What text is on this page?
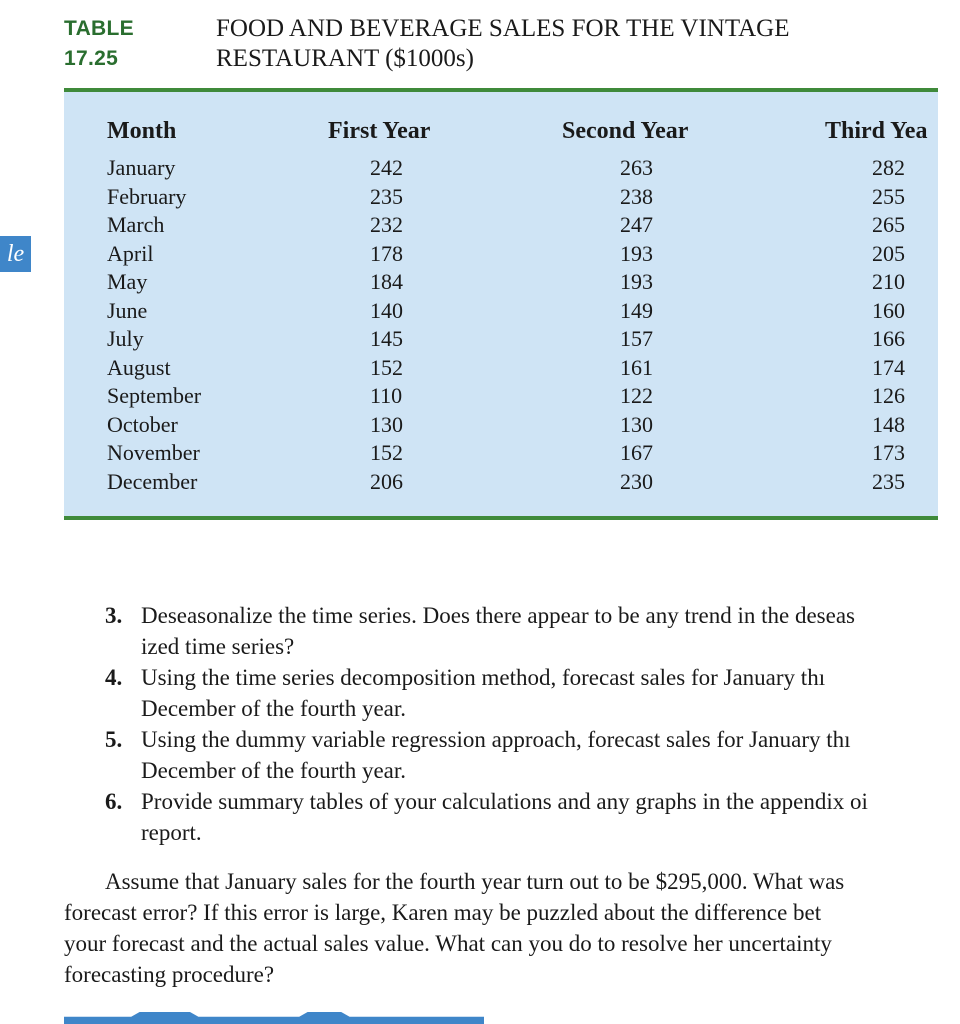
TABLE 17.25
FOOD AND BEVERAGE SALES FOR THE VINTAGE
RESTAURANT ($1000s)
le
Month	First Year	Second Year	Third Yea
January	242	263	282
February	235	238	255
March	232	247	265
April	178	193	205
May	184	193	210
June	140	149	160
July	145	157	166
August	152	161	174
September	110	122	126
October	130	130	148
November	152	167	173
December	206	230	235
3. Deseasonalize the time series. Does there appear to be any trend in the deseas
ized time series?
4. Using the time series decomposition method, forecast sales for January thı
December of the fourth year.
5. Using the dummy variable regression approach, forecast sales for January thı
December of the fourth year.
6. Provide summary tables of your calculations and any graphs in the appendix oi
report.
Assume that January sales for the fourth year turn out to be $295,000. What was
forecast error? If this error is large, Karen may be puzzled about the difference bet
your forecast and the actual sales value. What can you do to resolve her uncertainty
forecasting procedure?
